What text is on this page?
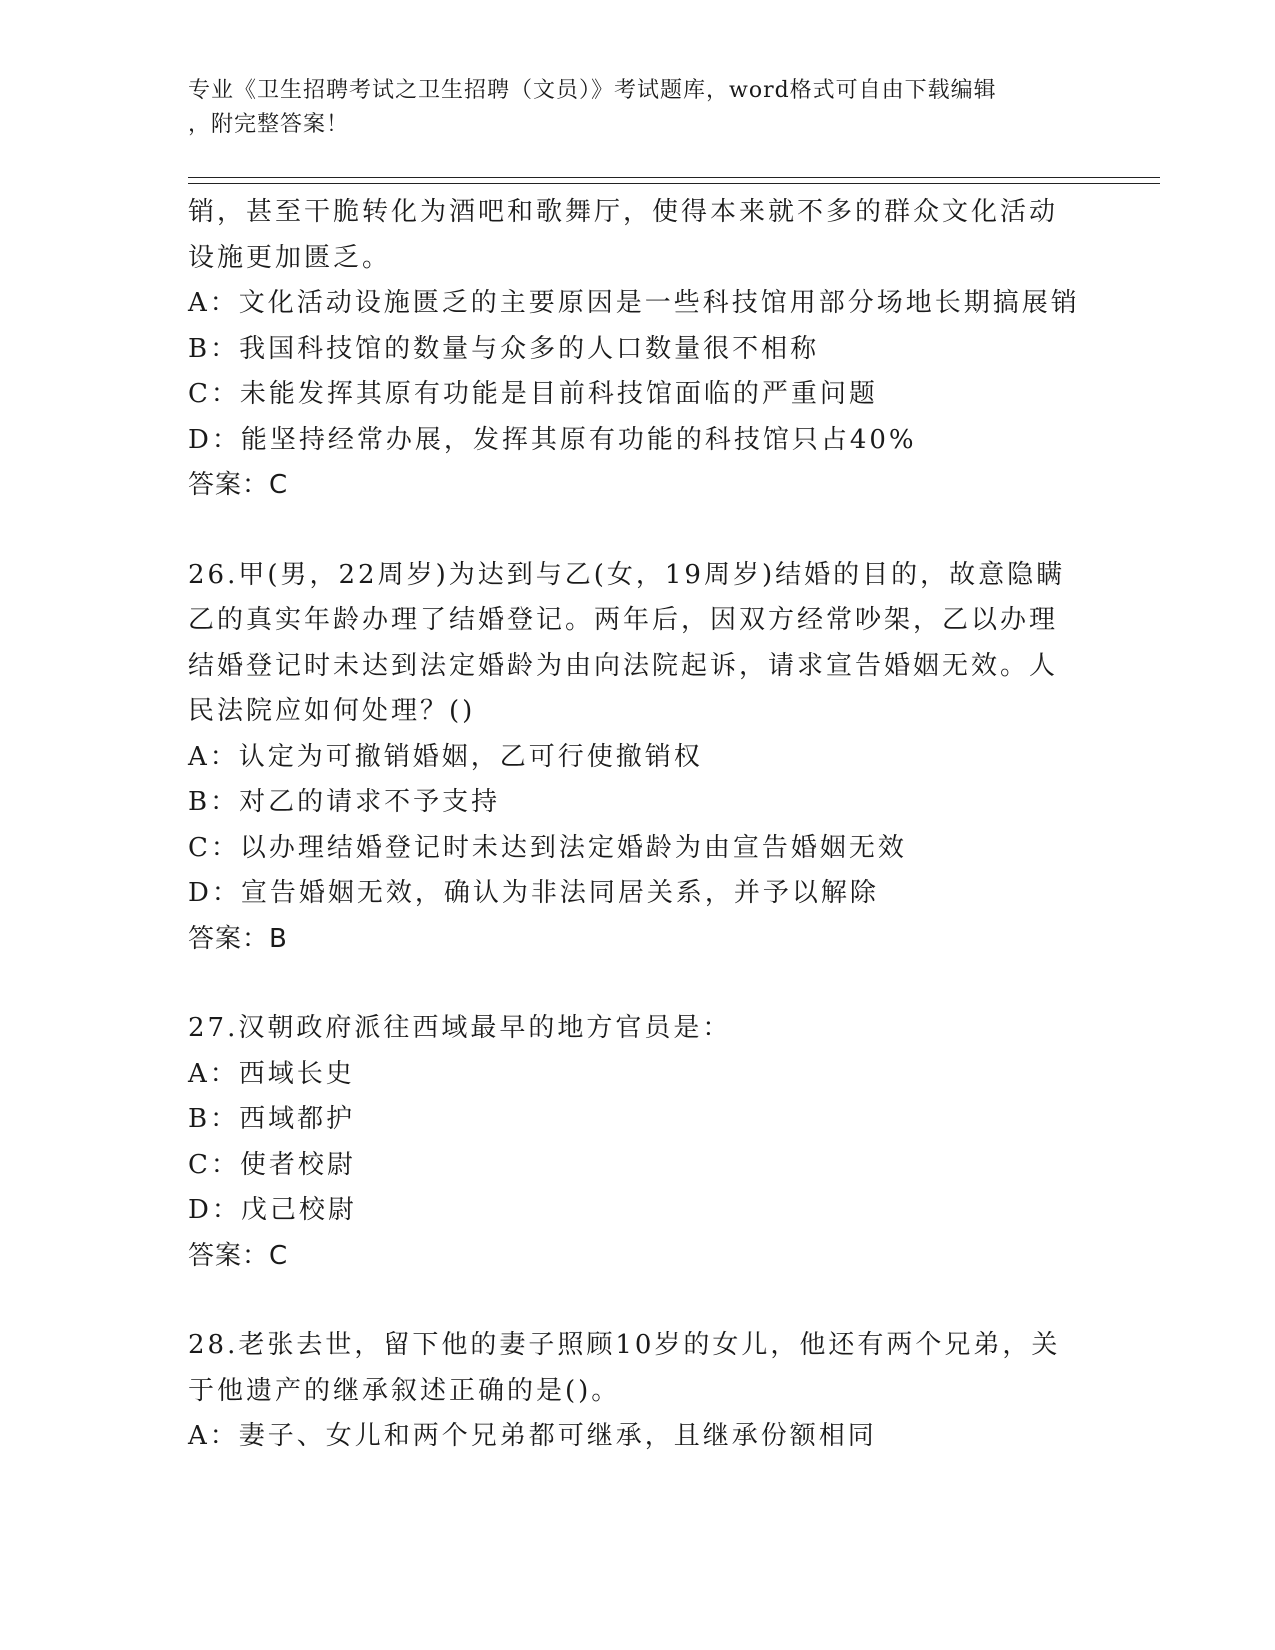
专业《卫生招聘考试之卫生招聘（文员）》考试题库，word格式可自由下载编辑
，附完整答案！
销，甚至干脆转化为酒吧和歌舞厅，使得本来就不多的群众文化活动
设施更加匮乏。
A：文化活动设施匮乏的主要原因是一些科技馆用部分场地长期搞展销
B：我国科技馆的数量与众多的人口数量很不相称
C：未能发挥其原有功能是目前科技馆面临的严重问题
D：能坚持经常办展，发挥其原有功能的科技馆只占40%
答案：C
26.甲(男，22周岁)为达到与乙(女，19周岁)结婚的目的，故意隐瞒
乙的真实年龄办理了结婚登记。两年后，因双方经常吵架，乙以办理
结婚登记时未达到法定婚龄为由向法院起诉，请求宣告婚姻无效。人
民法院应如何处理？()
A：认定为可撤销婚姻，乙可行使撤销权
B：对乙的请求不予支持
C：以办理结婚登记时未达到法定婚龄为由宣告婚姻无效
D：宣告婚姻无效，确认为非法同居关系，并予以解除
答案：B
27.汉朝政府派往西域最早的地方官员是：
A：西域长史
B：西域都护
C：使者校尉
D：戊己校尉
答案：C
28.老张去世，留下他的妻子照顾10岁的女儿，他还有两个兄弟，关
于他遗产的继承叙述正确的是()。
A：妻子、女儿和两个兄弟都可继承，且继承份额相同
